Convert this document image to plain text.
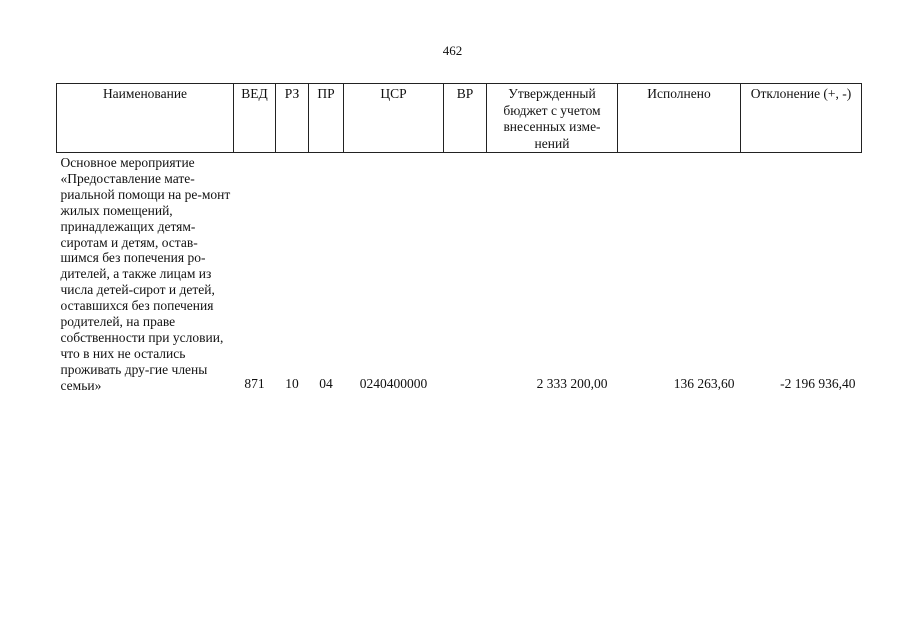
462
Наименование	ВЕД	РЗ	ПР	ЦСР	ВР	Утвержденный бюджет с учетом внесенных изме-нений	Исполнено	Отклонение (+, -)
Основное мероприятие «Предоставление мате-риальной помощи на ре-монт жилых помещений, принадлежащих детям-сиротам и детям, остав-шимся без попечения ро-дителей, а также лицам из числа детей-сирот и детей, оставшихся без попечения родителей, на праве собственности при условии, что в них не остались проживать дру-гие члены семьи»	871	10	04	0240400000		2 333 200,00	136 263,60	-2 196 936,40
